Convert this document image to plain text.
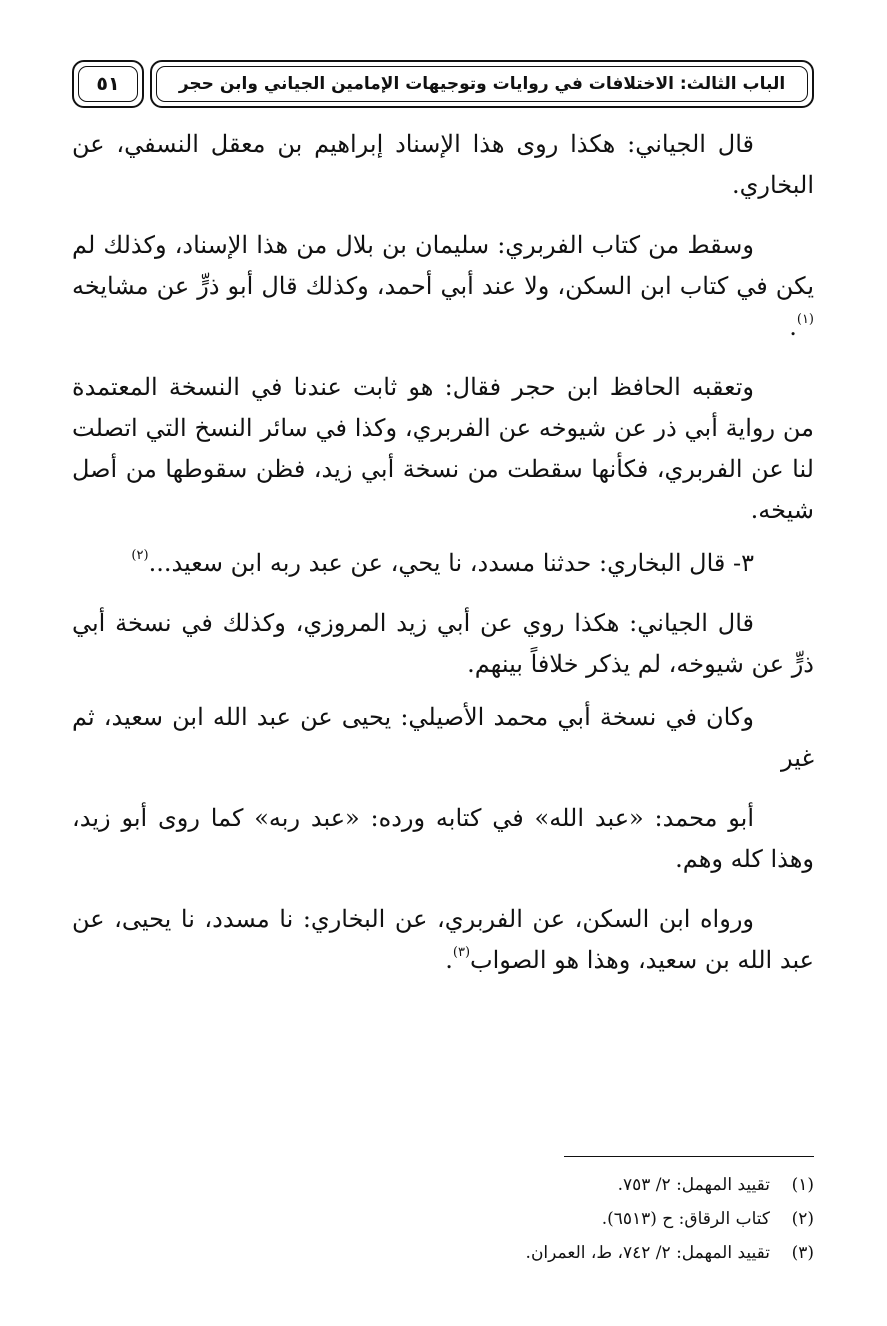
الباب الثالث: الاختلافات في روايات وتوجيهات الإمامين الجياني وابن حجر
٥١

قال الجياني: هكذا روى هذا الإسناد إبراهيم بن معقل النسفي، عن البخاري.

وسقط من كتاب الفربري: سليمان بن بلال من هذا الإسناد، وكذلك لم يكن في كتاب ابن السكن، ولا عند أبي أحمد، وكذلك قال أبو ذرٍّ عن مشايخه $^{(١)}$.

وتعقبه الحافظ ابن حجر فقال: هو ثابت عندنا في النسخة المعتمدة من رواية أبي ذر عن شيوخه عن الفربري، وكذا في سائر النسخ التي اتصلت لنا عن الفربري، فكأنها سقطت من نسخة أبي زيد، فظن سقوطها من أصل شيخه.

٣- قال البخاري: حدثنا مسدد، نا يحي، عن عبد ربه ابن سعيد...$^{(٢)}$

قال الجياني: هكذا روي عن أبي زيد المروزي، وكذلك في نسخة أبي ذرٍّ عن شيوخه، لم يذكر خلافاً بينهم.

وكان في نسخة أبي محمد الأصيلي: يحيى عن عبد الله ابن سعيد، ثم غير

أبو محمد: «عبد الله» في كتابه ورده: «عبد ربه» كما روى أبو زيد، وهذا كله وهم.

ورواه ابن السكن، عن الفربري، عن البخاري: نا مسدد، نا يحيى، عن عبد الله بن سعيد، وهذا هو الصواب$^{(٣)}$.

(١)تقييد المهمل: ٢/ ٧٥٣.
(٢)كتاب الرقاق: ح (٦٥١٣).
(٣)تقييد المهمل: ٢/ ٧٤٢، ط، العمران.
